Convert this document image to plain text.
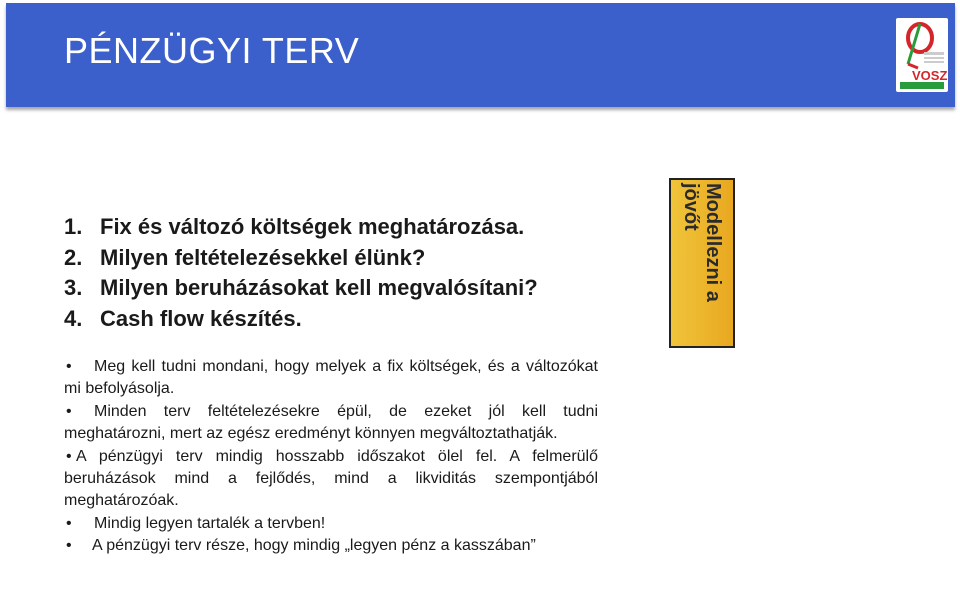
PÉNZÜGYI TERV
VOSZ
1. Fix és változó költségek meghatározása.
2. Milyen feltételezésekkel élünk?
3. Milyen beruházásokat kell megvalósítani?
4. Cash flow készítés.
Modellezni a jövőt

• Meg kell tudni mondani, hogy melyek a fix költségek, és a változókat mi befolyásolja.

• Minden terv feltételezésekre épül, de ezeket jól kell tudni meghatározni, mert az egész eredményt könnyen megváltoztathatják.

• A pénzügyi terv mindig hosszabb időszakot ölel fel. A felmerülő beruházások mind a fejlődés, mind a likviditás szempontjából meghatározóak.

• Mindig legyen tartalék a tervben!

• A pénzügyi terv része, hogy mindig „legyen pénz a kasszában”
